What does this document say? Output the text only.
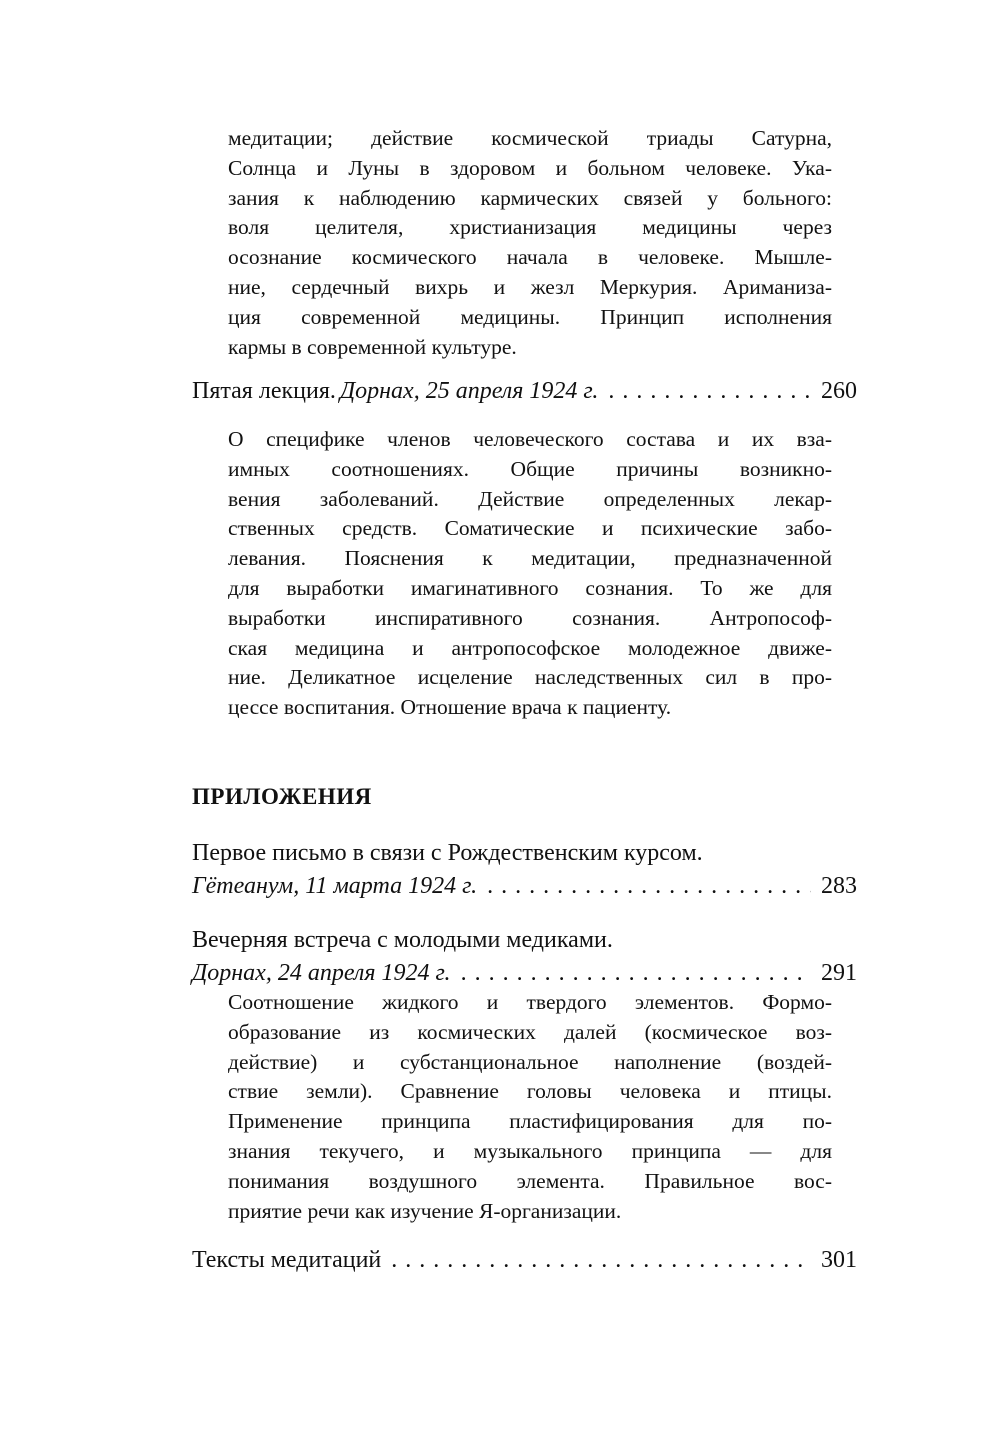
медитации; действие космической триады Сатурна,
Солнца и Луны в здоровом и больном человеке. Ука-
зания к наблюдению кармических связей у больного:
воля целителя, христианизация медицины через
осознание космического начала в человеке. Мышле-
ние, сердечный вихрь и жезл Меркурия. Ариманиза-
ция современной медицины. Принцип исполнения
кармы в современной культуре.
Пятая лекция. Дорнах, 25 апреля 1924 г. . . .	260
О специфике членов человеческого состава и их вза-
имных соотношениях. Общие причины возникно-
вения заболеваний. Действие определенных лекар-
ственных средств. Соматические и психические забо-
левания. Пояснения к медитации, предназначенной
для выработки имагинативного сознания. То же для
выработки инспиративного сознания. Антропософ-
ская медицина и антропософское молодежное движе-
ние. Деликатное исцеление наследственных сил в про-
цессе воспитания. Отношение врача к пациенту.
ПРИЛОЖЕНИЯ
Первое письмо в связи с Рождественским курсом.
Гётеанум, 11 марта 1924 г. . . .	283
Вечерняя встреча с молодыми медиками.
Дорнах, 24 апреля 1924 г. . . .	291
Соотношение жидкого и твердого элементов. Формо-
образование из космических далей (космическое воз-
действие) и субстанциональное наполнение (воздей-
ствие земли). Сравнение головы человека и птицы.
Применение принципа пластифицирования для по-
знания текучего, и музыкального принципа — для
понимания воздушного элемента. Правильное вос-
приятие речи как изучение Я-организации.
Тексты медитаций . . .	301
